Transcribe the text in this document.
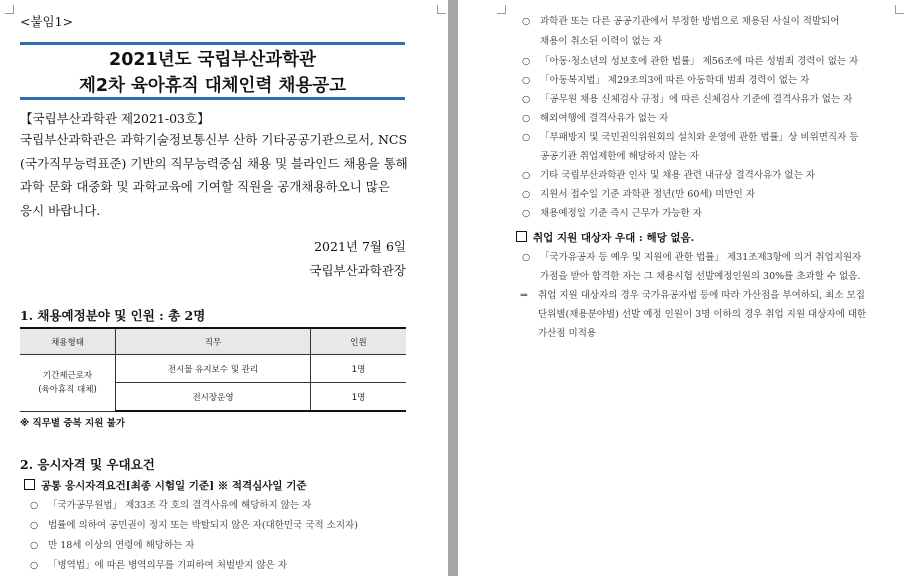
<붙임1>
2021년도 국립부산과학관
제2차 육아휴직 대체인력 채용공고
【국립부산과학관 제2021-03호】
국립부산과학관은 과학기술정보통신부 산하 기타공공기관으로서, NCS
(국가직무능력표준) 기반의 직무능력중심 채용 및 블라인드 채용을 통해
과학 문화 대중화 및 과학교육에 기여할 직원을 공개채용하오니 많은
응시 바랍니다.
2021년 7월 6일
국립부산과학관장
1. 채용예정분야 및 인원 : 총 2명
채용형태	직무	인원

기간제근로자
(육아휴직 대체)	전시물 유지보수 및 관리	1명
	전시장운영	1명
※ 직무별 중복 지원 불가
2. 응시자격 및 우대요건
공통 응시자격요건[최종 시험일 기준] ※ 적격심사일 기준
○ 「국가공무원법」 제33조 각 호의 결격사유에 해당하지 않는 자
○ 법률에 의하여 공민권이 정지 또는 박탈되지 않은 자(대한민국 국적 소지자)
○ 만 18세 이상의 연령에 해당하는 자
○ 「병역법」에 따른 병역의무를 기피하여 처벌받지 않은 자
○ 과학관 또는 다른 공공기관에서 부정한 방법으로 채용된 사실이 적발되어
채용이 취소된 이력이 없는 자
○ 「아동·청소년의 성보호에 관한 법률」 제56조에 따른 성범죄 경력이 없는 자
○ 「아동복지법」 제29조의3에 따른 아동학대 범죄 경력이 없는 자
○ 「공무원 채용 신체검사 규정」에 따른 신체검사 기준에 결격사유가 없는 자
○ 해외여행에 결격사유가 없는 자
○ 「부패방지 및 국민권익위원회의 설치와 운영에 관한 법률」상 비위면직자 등
공공기관 취업제한에 해당하지 않는 자
○ 기타 국립부산과학관 인사 및 채용 관련 내규상 결격사유가 없는 자
○ 지원서 접수일 기준 과학관 정년(만 60세) 미만인 자
○ 채용예정일 기준 즉시 근무가 가능한 자
취업 지원 대상자 우대 : 해당 없음.
○ 「국가유공자 등 예우 및 지원에 관한 법률」 제31조제3항에 의거 취업지원자
가점을 받아 합격한 자는 그 채용시험 선발예정인원의 30%를 초과할 수 없음.
⇒ 취업 지원 대상자의 경우 국가유공자법 등에 따라 가산점을 부여하되, 최소 모집
단위별(채용분야별) 선발 예정 인원이 3명 이하의 경우 취업 지원 대상자에 대한
가산점 미적용
